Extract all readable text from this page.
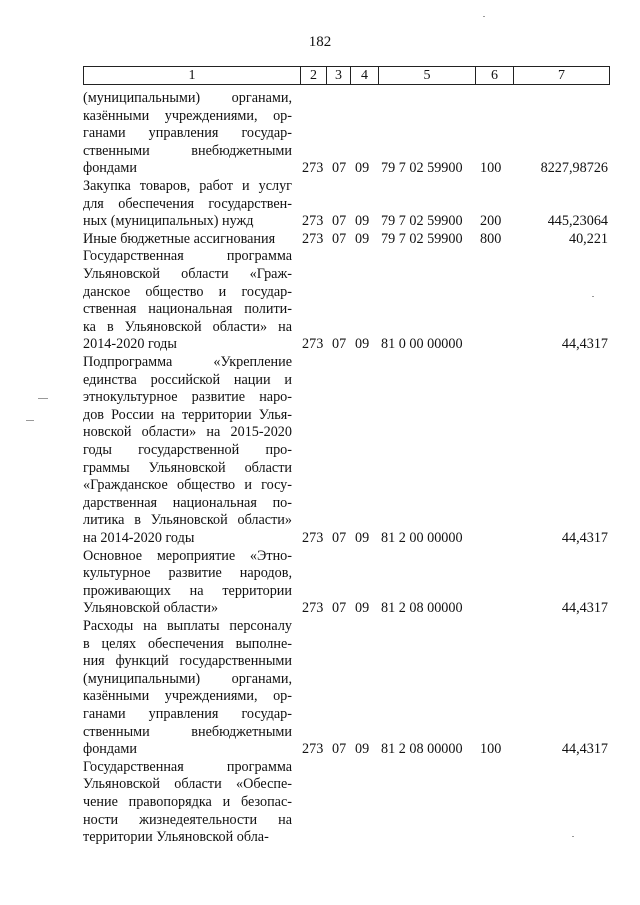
182
1	2	3	4	5	6	7
(муниципальными) органами,
казёнными учреждениями, ор-
ганами управления государ-
ственными внебюджетными
фондами	273 07 09 79 7 02 59900 100	8227,98726
Закупка товаров, работ и услуг
для обеспечения государствен-
ных (муниципальных) нужд	273 07 09 79 7 02 59900 200	445,23064
Иные бюджетные ассигнования	273 07 09 79 7 02 59900 800	40,221
Государственная программа
Ульяновской области «Граж-
данское общество и государ-
ственная национальная полити-
ка в Ульяновской области» на
2014-2020 годы	273 07 09 81 0 00 00000	44,4317
Подпрограмма «Укрепление
единства российской нации и
этнокультурное развитие наро-
дов России на территории Улья-
новской области» на 2015-2020
годы государственной про-
граммы Ульяновской области
«Гражданское общество и госу-
дарственная национальная по-
литика в Ульяновской области»
на 2014-2020 годы	273 07 09 81 2 00 00000	44,4317
Основное мероприятие «Этно-
культурное развитие народов,
проживающих на территории
Ульяновской области»	273 07 09 81 2 08 00000	44,4317
Расходы на выплаты персоналу
в целях обеспечения выполне-
ния функций государственными
(муниципальными) органами,
казёнными учреждениями, ор-
ганами управления государ-
ственными внебюджетными
фондами	273 07 09 81 2 08 00000 100	44,4317
Государственная программа
Ульяновской области «Обеспе-
чение правопорядка и безопас-
ности жизнедеятельности на
территории Ульяновской обла-
